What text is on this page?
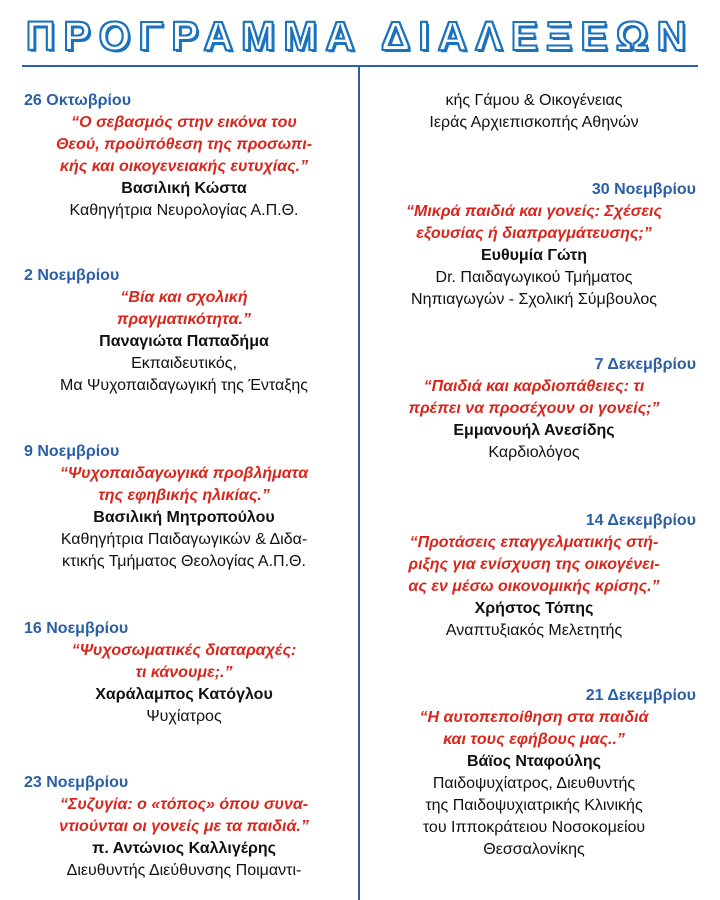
ΠΡΟΓΡΑΜΜΑ ΔΙΑΛΕΞΕΩΝ
26 Οκτωβρίου
“Ο σεβασμός στην εικόνα του
Θεού, προϋπόθεση της προσωπι-
κής και οικογενειακής ευτυχίας.”
Βασιλική Κώστα
Καθηγήτρια Νευρολογίας Α.Π.Θ.
2 Νοεμβρίου
“Βία και σχολική
πραγματικότητα.”
Παναγιώτα Παπαδήμα
Εκπαιδευτικός,
Μα Ψυχοπαιδαγωγική της Ένταξης
9 Νοεμβρίου
“Ψυχοπαιδαγωγικά προβλήματα
της εφηβικής ηλικίας.”
Βασιλική Μητροπούλου
Καθηγήτρια Παιδαγωγικών & Διδα-
κτικής Τμήματος Θεολογίας Α.Π.Θ.
16 Νοεμβρίου
“Ψυχοσωματικές διαταραχές:
τι κάνουμε;.”
Χαράλαμπος Κατόγλου
Ψυχίατρος
23 Νοεμβρίου
“Συζυγία: ο «τόπος» όπου συνα-
ντιούνται οι γονείς με τα παιδιά.”
π. Αντώνιος Καλλιγέρης
Διευθυντής Διεύθυνσης Ποιμαντι-
κής Γάμου & Οικογένειας
Ιεράς Αρχιεπισκοπής Αθηνών
30 Νοεμβρίου
“Μικρά παιδιά και γονείς: Σχέσεις
εξουσίας ή διαπραγμάτευσης;”
Ευθυμία Γώτη
Dr. Παιδαγωγικού Τμήματος
Νηπιαγωγών - Σχολική Σύμβουλος
7 Δεκεμβρίου
“Παιδιά και καρδιοπάθειες: τι
πρέπει να προσέχουν οι γονείς;”
Εμμανουήλ Ανεσίδης
Καρδιολόγος
14 Δεκεμβρίου
“Προτάσεις επαγγελματικής στή-
ριξης για ενίσχυση της οικογένει-
ας εν μέσω οικονομικής κρίσης.”
Χρήστος Τόπης
Αναπτυξιακός Μελετητής
21 Δεκεμβρίου
“Η αυτοπεποίθηση στα παιδιά
και τους εφήβους μας..”
Βάϊος Νταφούλης
Παιδοψυχίατρος, Διευθυντής
της Παιδοψυχιατρικής Κλινικής
του Ιπποκράτειου Νοσοκομείου
Θεσσαλονίκης
